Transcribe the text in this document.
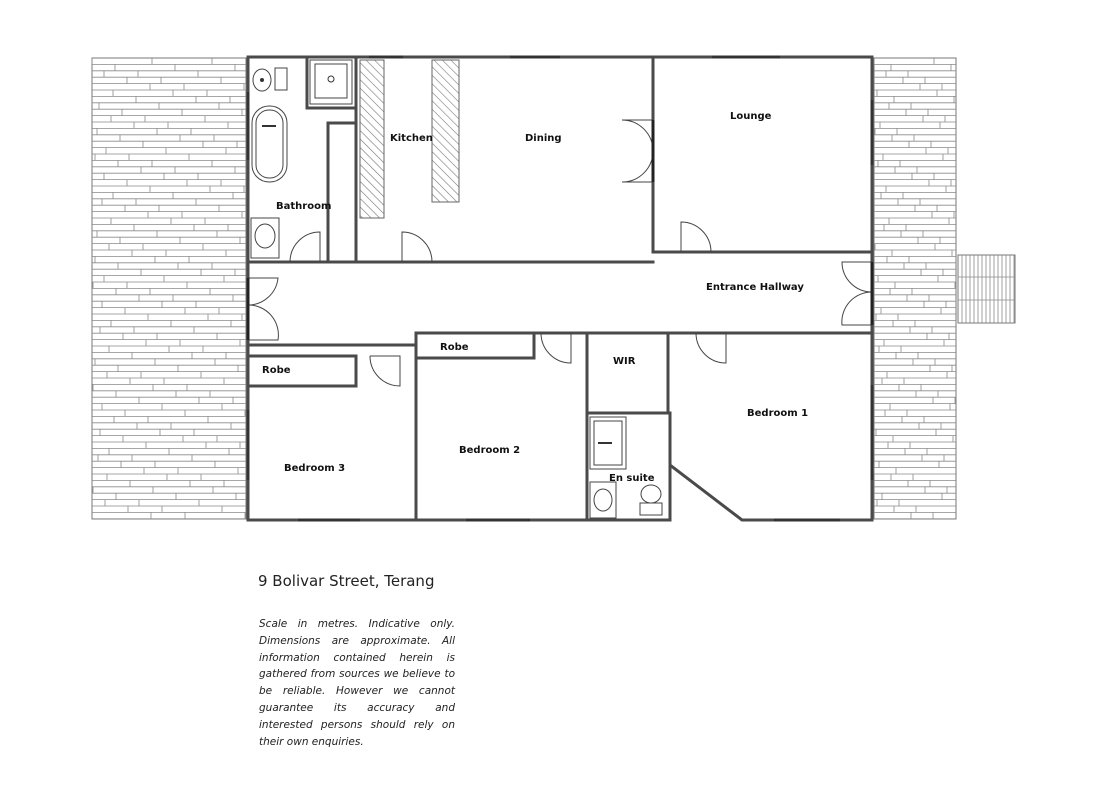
Kitchen	Dining
Lounge
Bathroom
Entrance Hallway
Robe
Robe
WIR
Bedroom 1
Bedroom 2
Bedroom 3
En suite
9 Bolivar Street, Terang

Scale in metres. Indicative only. Dimensions are approximate. All information contained herein is gathered from sources we believe to be reliable. However we cannot guarantee its accuracy and interested persons should rely on their own enquiries.
